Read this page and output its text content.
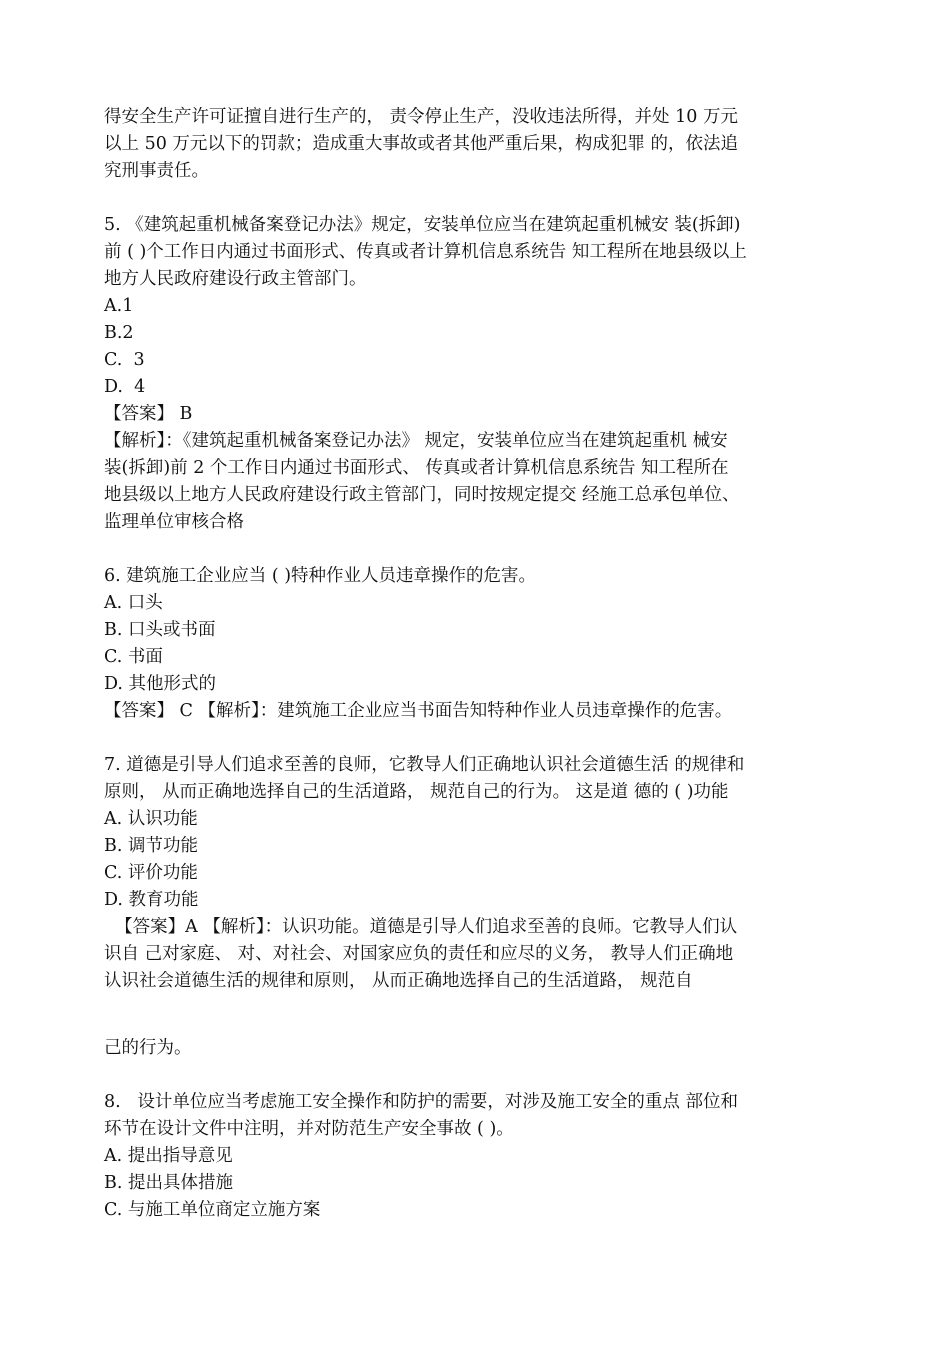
得安全生产许可证擅自进行生产的， 责令停止生产，没收违法所得，并处 10 万元
以上 50 万元以下的罚款；造成重大事故或者其他严重后果，构成犯罪 的，依法追
究刑事责任。
5. 《建筑起重机械备案登记办法》规定，安装单位应当在建筑起重机械安 装(拆卸)
前 ( )个工作日内通过书面形式、传真或者计算机信息系统告 知工程所在地县级以上
地方人民政府建设行政主管部门。
A.1
B.2
C.  3
D.  4
【答案】 B
【解析】：《建筑起重机械备案登记办法》 规定，安装单位应当在建筑起重机 械安
装(拆卸)前 2 个工作日内通过书面形式、 传真或者计算机信息系统告 知工程所在
地县级以上地方人民政府建设行政主管部门，同时按规定提交 经施工总承包单位、
监理单位审核合格
6. 建筑施工企业应当 ( )特种作业人员违章操作的危害。
A. 口头
B. 口头或书面
C. 书面
D. 其他形式的
【答案】 C 【解析】：建筑施工企业应当书面告知特种作业人员违章操作的危害。
7. 道德是引导人们追求至善的良师，它教导人们正确地认识社会道德生活 的规律和
原则， 从而正确地选择自己的生活道路， 规范自己的行为。 这是道 德的 ( )功能
A. 认识功能
B. 调节功能
C. 评价功能
D. 教育功能
【答案】A 【解析】：认识功能。道德是引导人们追求至善的良师。它教导人们认
识自 己对家庭、 对、对社会、对国家应负的责任和应尽的义务， 教导人们正确地
认识社会道德生活的规律和原则， 从而正确地选择自己的生活道路， 规范自
己的行为。
8.   设计单位应当考虑施工安全操作和防护的需要，对涉及施工安全的重点 部位和
环节在设计文件中注明，并对防范生产安全事故 ( )。
A. 提出指导意见
B. 提出具体措施
C. 与施工单位商定立施方案
